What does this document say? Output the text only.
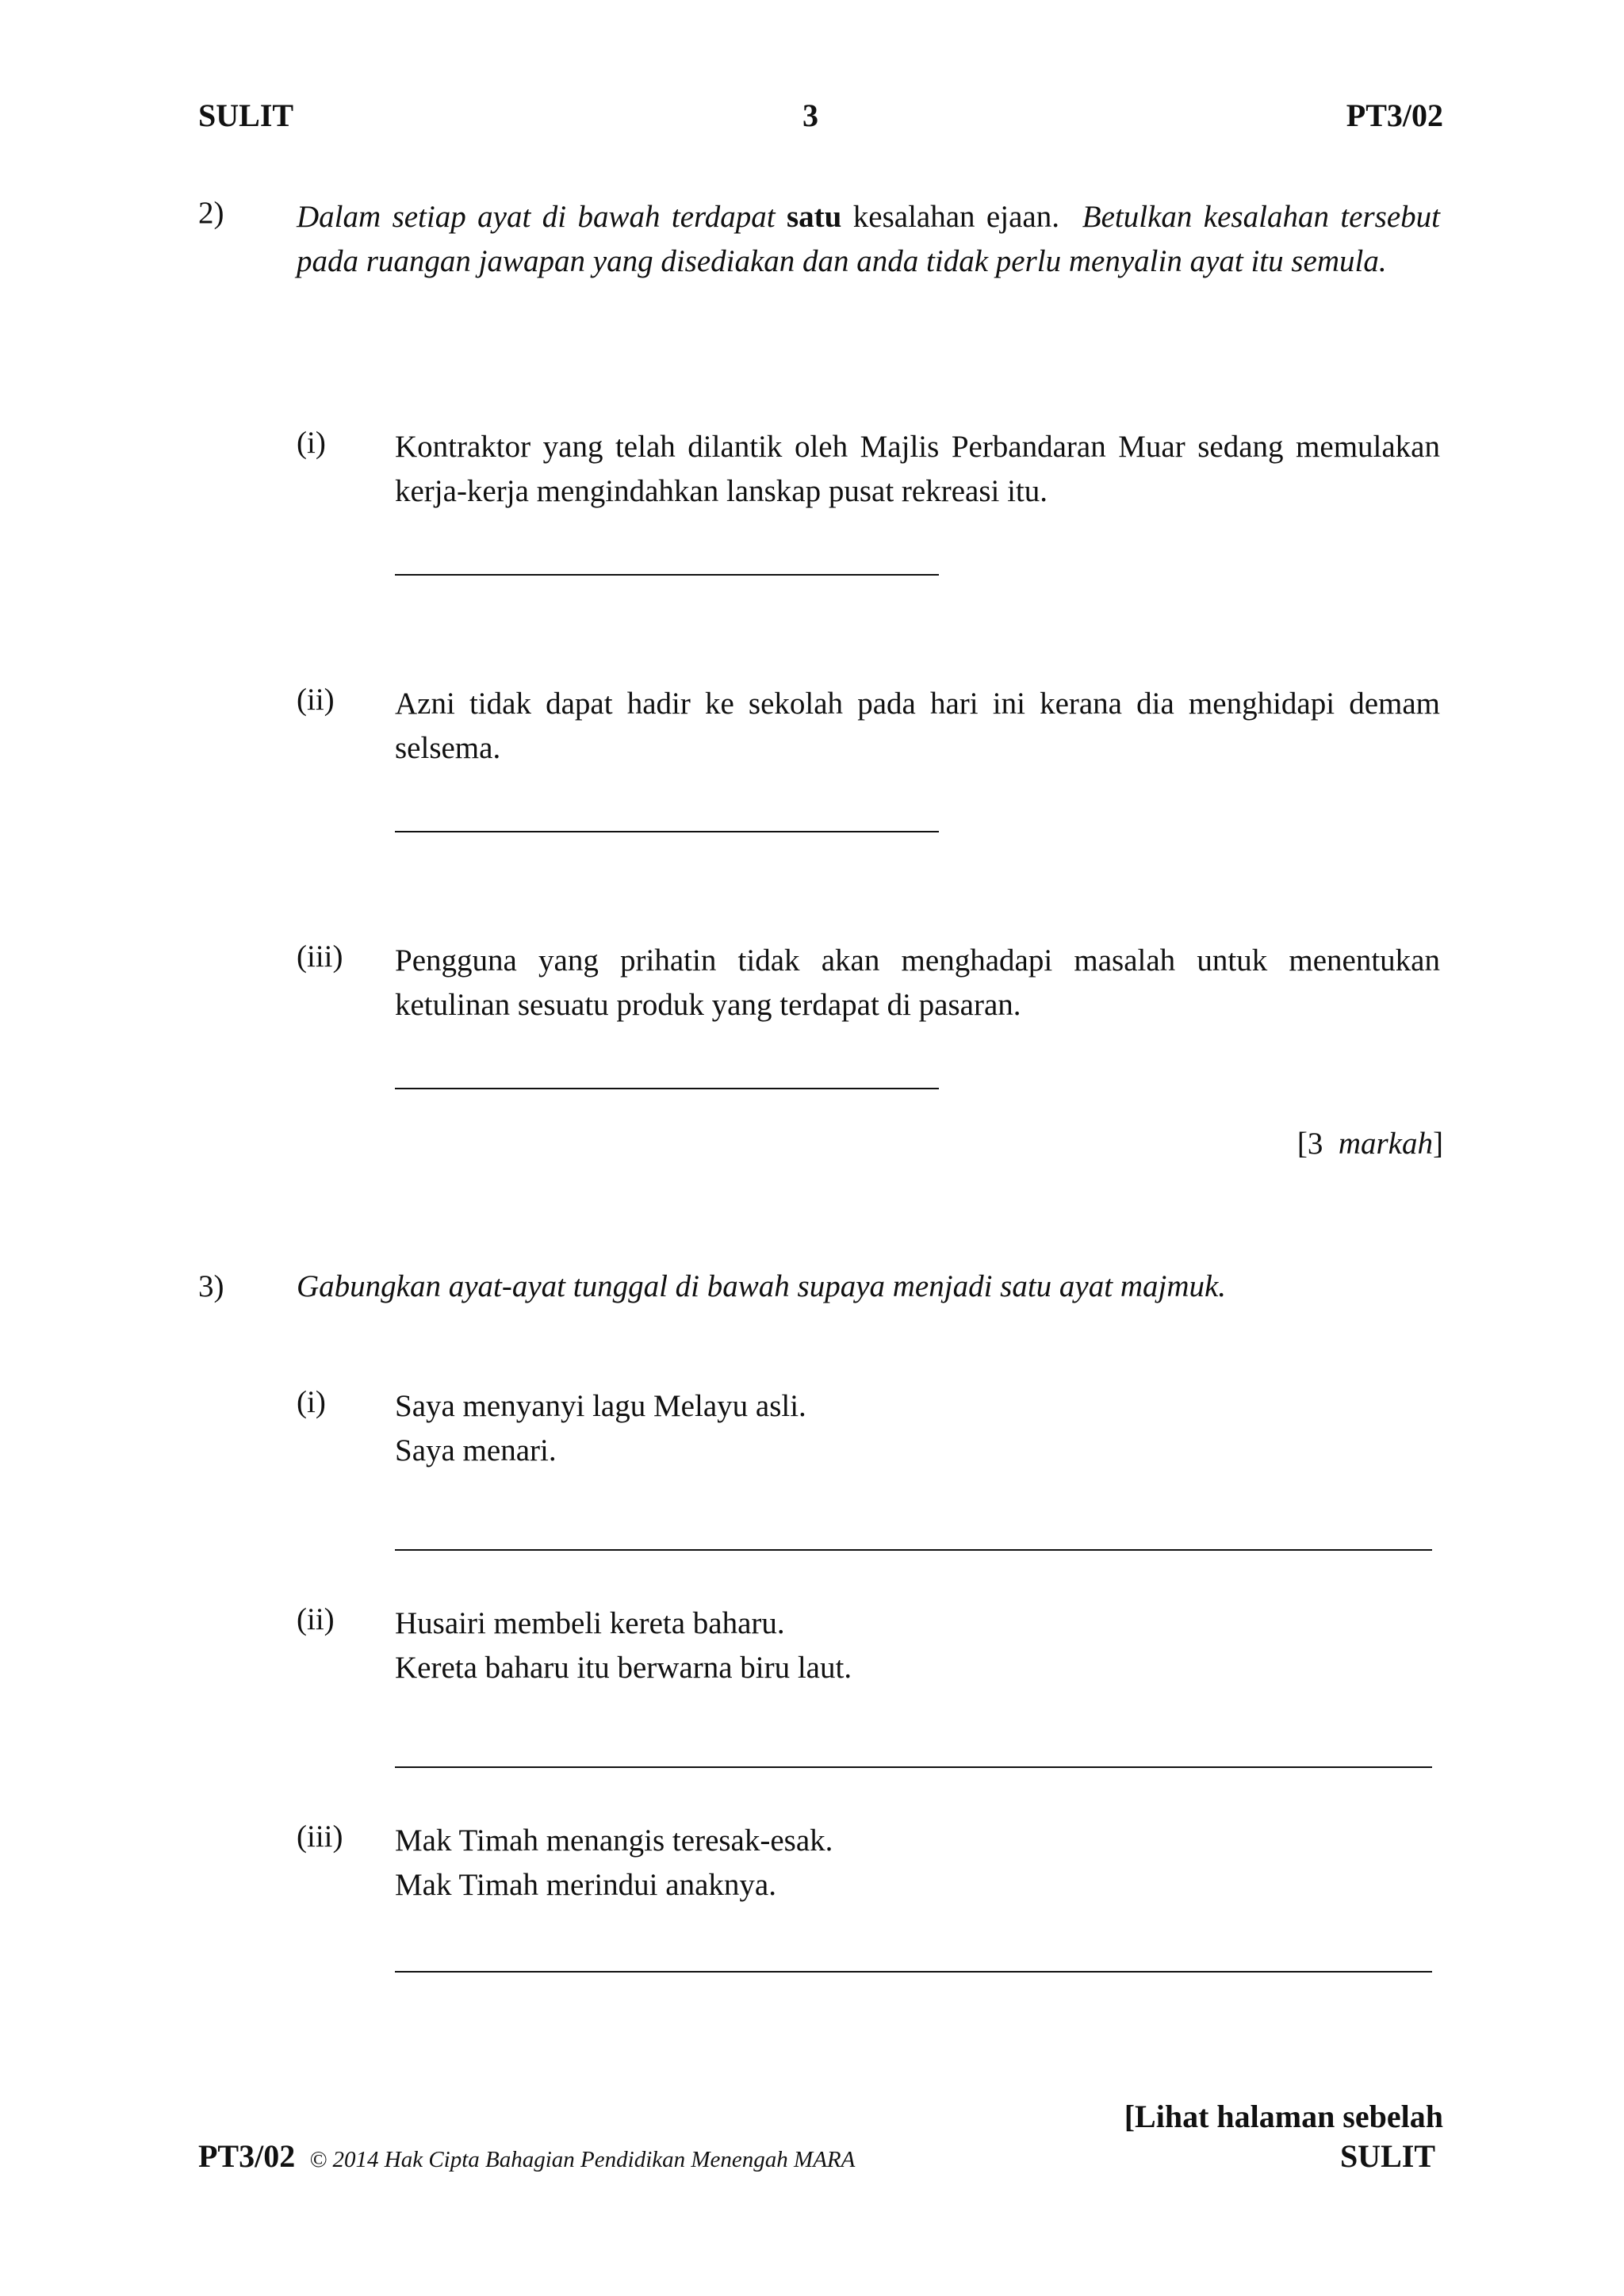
SULIT	3	PT3/02
2) Dalam setiap ayat di bawah terdapat satu kesalahan ejaan. Betulkan kesalahan tersebut pada ruangan jawapan yang disediakan dan anda tidak perlu menyalin ayat itu semula.
(i) Kontraktor yang telah dilantik oleh Majlis Perbandaran Muar sedang memulakan kerja-kerja mengindahkan lanskap pusat rekreasi itu.
(ii) Azni tidak dapat hadir ke sekolah pada hari ini kerana dia menghidapi demam selsema.
(iii) Pengguna yang prihatin tidak akan menghadapi masalah untuk menentukan ketulinan sesuatu produk yang terdapat di pasaran.
[3 markah]
3) Gabungkan ayat-ayat tunggal di bawah supaya menjadi satu ayat majmuk.
(i) Saya menyanyi lagu Melayu asli.
Saya menari.
(ii) Husairi membeli kereta baharu.
Kereta baharu itu berwarna biru laut.
(iii) Mak Timah menangis teresak-esak.
Mak Timah merindui anaknya.
[Lihat halaman sebelah
PT3/02 © 2014 Hak Cipta Bahagian Pendidikan Menengah MARA	SULIT
